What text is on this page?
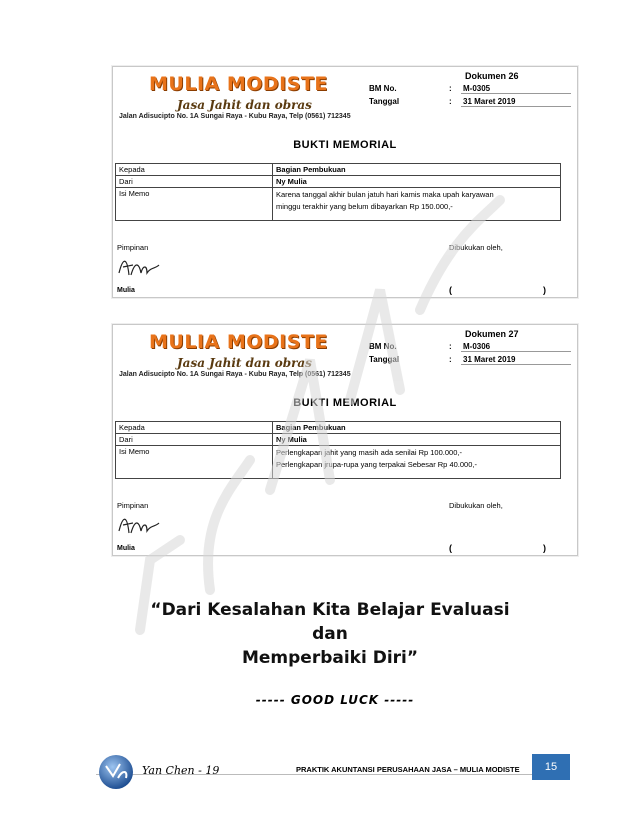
MULIA MODISTE
Jasa Jahit dan obras
Jalan Adisucipto No. 1A Sungai Raya - Kubu Raya, Telp (0561) 712345
Dokumen 26
BM No.	: M-0305
Tanggal	: 31 Maret 2019
BUKTI MEMORIAL
Kepada	Bagian Pembukuan
Dari	Ny Mulia
Isi Memo	Karena tanggal akhir bulan jatuh hari kamis maka upah karyawan
minggu terakhir yang belum dibayarkan Rp 150.000,-
Pimpinan	Dibukukan oleh,
Mulia	(	)
MULIA MODISTE
Jasa Jahit dan obras
Jalan Adisucipto No. 1A Sungai Raya - Kubu Raya, Telp (0561) 712345
Dokumen 27
BM No.	: M-0306
Tanggal	: 31 Maret 2019
BUKTI MEMORIAL
Kepada	Bagian Pembukuan
Dari	Ny Mulia
Isi Memo	Perlengkapan jahit yang masih ada senilai Rp 100.000,-
Perlengkapan jrupa-rupa yang terpakai Sebesar Rp 40.000,-
Pimpinan	Dibukukan oleh,
Mulia	(	)
“Dari Kesalahan Kita Belajar Evaluasi
dan
Memperbaiki Diri”
----- GOOD LUCK -----
Yan Chen - 19	PRAKTIK AKUNTANSI PERUSAHAAN JASA – MULIA MODISTE	15
